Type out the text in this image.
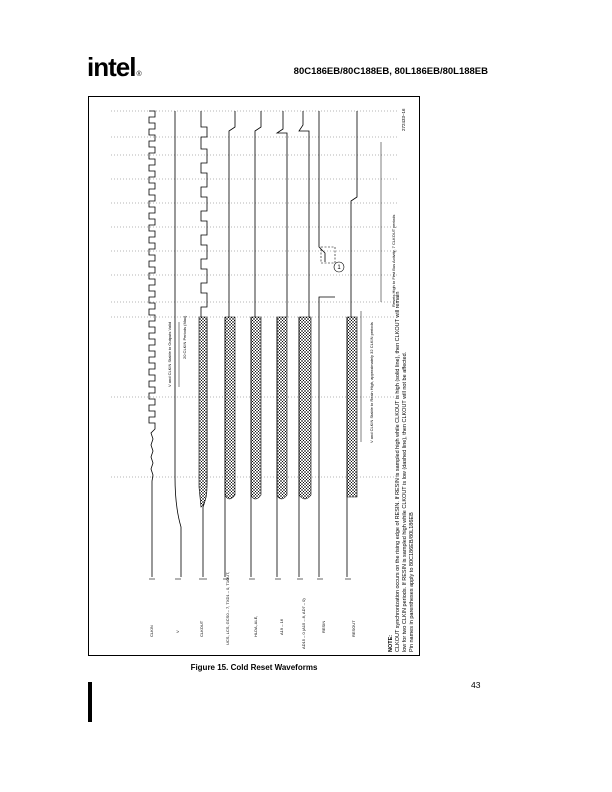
intel®	80C186EB/80C188EB, 80L186EB/80L188EB
1
V and CLKIN Stable to Outputs Valid	20 CLKIN Periods (Max)	V and CLKIN Stable to Resin High, approximately 32 CLKIN periods
Resets High to First Bus Activity, 7 CLKOUT periods
272433–16
CLKIN	V	CLKOUT	UCS, LCS, GCS0 – 7, TXD1 – 0, T1OUT,	HLDA, ALE,	A19 – 16	AD15 – 0 (A15 – 8, AD7 – 0)	RESIN	RESOUT
NOTE: CLKOUT synchronization occurs on the rising edge of RESIN. If RESIN is sampled high while CLKOUT is high (solid line), then CLKOUT will remain low for two CLKIN periods. If RESIN is sampled high while CLKOUT is low (dashed line), then CLKOUT will not be affected. Pin names in parentheses apply to 80C186EB/80L186EB
Figure 15. Cold Reset Waveforms
43
